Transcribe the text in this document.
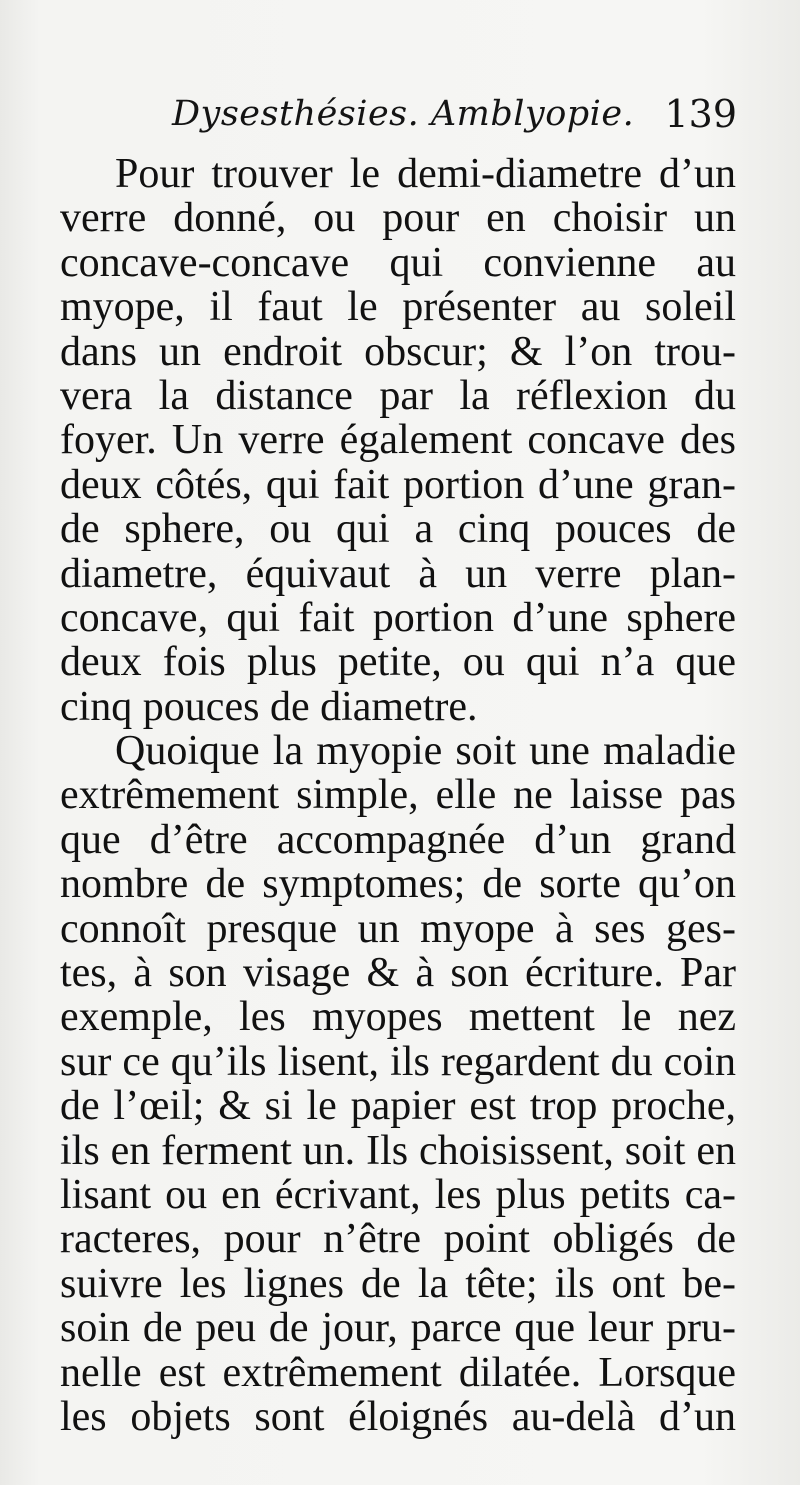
Dysesthésies. Amblyopie. 139
Pour trouver le demi-diametre d’un
verre donné, ou pour en choisir un
concave-concave qui convienne au
myope, il faut le présenter au soleil
dans un endroit obscur; & l’on trou-
vera la distance par la réflexion du
foyer. Un verre également concave des
deux côtés, qui fait portion d’une gran-
de sphere, ou qui a cinq pouces de
diametre, équivaut à un verre plan-
concave, qui fait portion d’une sphere
deux fois plus petite, ou qui n’a que
cinq pouces de diametre.
Quoique la myopie soit une maladie
extrêmement simple, elle ne laisse pas
que d’être accompagnée d’un grand
nombre de symptomes; de sorte qu’on
connoît presque un myope à ses ges-
tes, à son visage & à son écriture. Par
exemple, les myopes mettent le nez
sur ce qu’ils lisent, ils regardent du coin
de l’œil; & si le papier est trop proche,
ils en ferment un. Ils choisissent, soit en
lisant ou en écrivant, les plus petits ca-
racteres, pour n’être point obligés de
suivre les lignes de la tête; ils ont be-
soin de peu de jour, parce que leur pru-
nelle est extrêmement dilatée. Lorsque
les objets sont éloignés au-delà d’un
